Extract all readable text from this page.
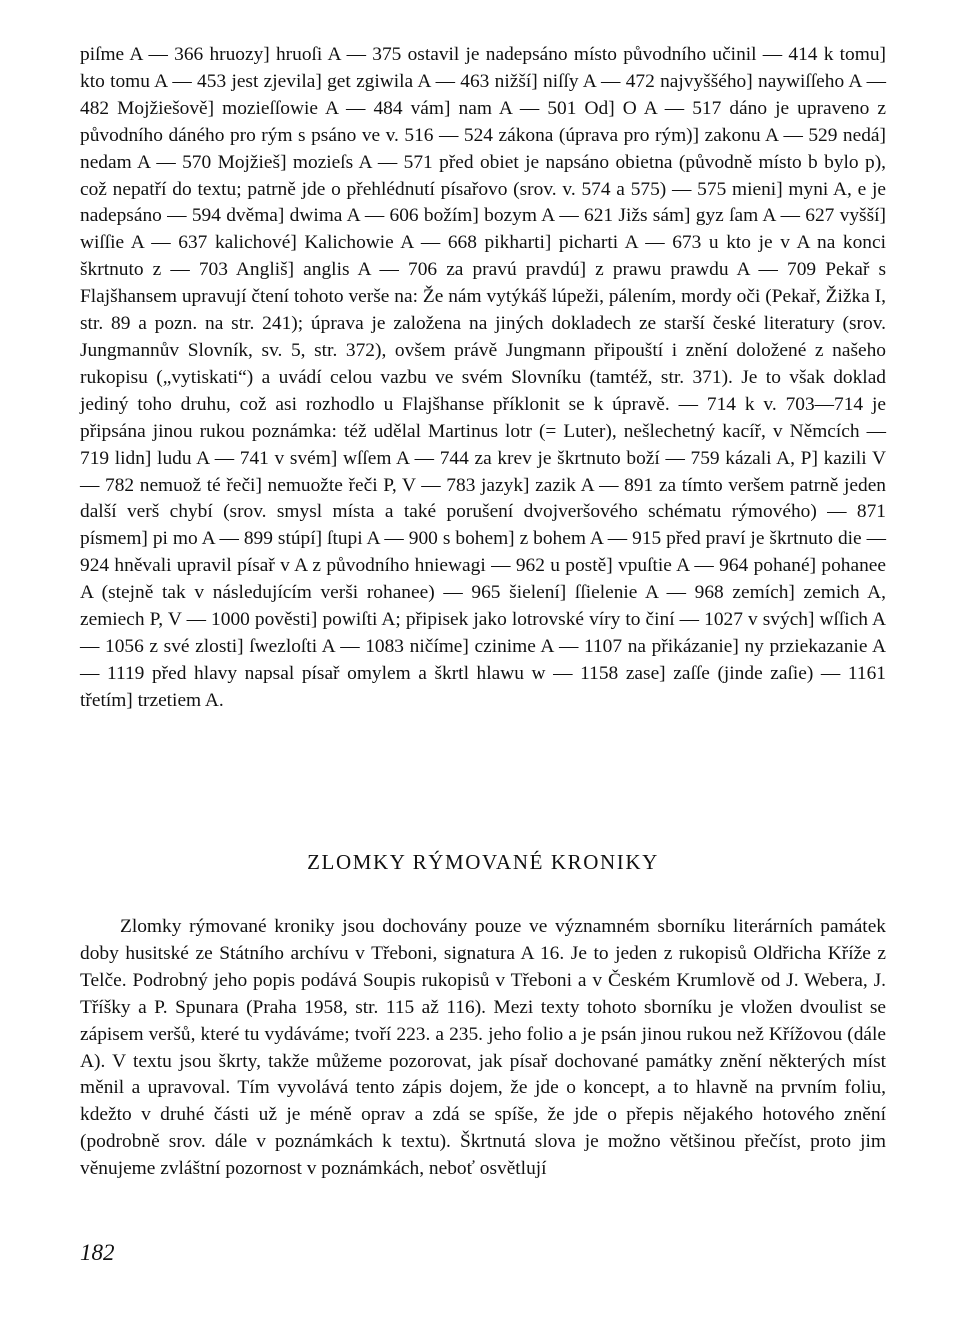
piſme A — 366 hruozy] hruoſi A — 375 ostavil je nadepsáno místo původního učinil — 414 k tomu] kto tomu A — 453 jest zjevila] get zgiwila A — 463 nižší] niſſy A — 472 najvyššého] naywiſſeho A — 482 Mojžiešově] mozieſſowie A — 484 vám] nam A — 501 Od] O A — 517 dáno je upraveno z původního dáného pro rým s psáno ve v. 516 — 524 zákona (úprava pro rým)] zakonu A — 529 nedá] nedam A — 570 Mojžieš] mozieſs A — 571 před obiet je napsáno obietna (původně místo b bylo p), což nepatří do textu; patrně jde o přehlédnutí písařovo (srov. v. 574 a 575) — 575 mieni] myni A, e je nadepsáno — 594 dvěma] dwima A — 606 božím] bozym A — 621 Jižs sám] gyz ſam A — 627 vyšší] wiſſie A — 637 kalichové] Kalichowie A — 668 pikharti] picharti A — 673 u kto je v A na konci škrtnuto z — 703 Angliš] anglis A — 706 za pravú pravdú] z prawu prawdu A — 709 Pekař s Flajšhansem upravují čtení tohoto verše na: Že nám vytýkáš lúpeži, pálením, mordy oči (Pekař, Žižka I, str. 89 a pozn. na str. 241); úprava je založena na jiných dokladech ze starší české literatury (srov. Jungmannův Slovník, sv. 5, str. 372), ovšem právě Jungmann připouští i znění doložené z našeho rukopisu („vytiskati“) a uvádí celou vazbu ve svém Slovníku (tamtéž, str. 371). Je to však doklad jediný toho druhu, což asi rozhodlo u Flajšhanse příklonit se k úpravě. — 714 k v. 703—714 je připsána jinou rukou poznámka: též udělal Martinus lotr (= Luter), nešlechetný kacíř, v Němcích — 719 lidn] ludu A — 741 v svém] wſſem A — 744 za krev je škrtnuto boží — 759 kázali A, P] kazili V — 782 nemuož té řeči] nemuožte řeči P, V — 783 jazyk] zazik A — 891 za tímto veršem patrně jeden další verš chybí (srov. smysl místa a také porušení dvojveršového schématu rýmového) — 871 písmem] pi mo A — 899 stúpí] ſtupi A — 900 s bohem] z bohem A — 915 před praví je škrtnuto die — 924 hněvali upravil písař v A z původního hniewagi — 962 u postě] vpuſtie A — 964 pohané] pohanee A (stejně tak v následujícím verši rohanee) — 965 šielení] ſſielenie A — 968 zemích] zemich A, zemiech P, V — 1000 pověsti] powiſti A; připisek jako lotrovské víry to činí — 1027 v svých] wſſich A — 1056 z své zlosti] ſwezloſti A — 1083 ničíme] czinime A — 1107 na přikázanie] ny prziekazanie A — 1119 před hlavy napsal písař omylem a škrtl hlawu w — 1158 zase] zaſſe (jinde zaſie) — 1161 třetím] trzetiem A.

ZLOMKY RÝMOVANÉ KRONIKY

Zlomky rýmované kroniky jsou dochovány pouze ve významném sborníku literárních památek doby husitské ze Státního archívu v Třeboni, signatura A 16. Je to jeden z rukopisů Oldřicha Kříže z Telče. Podrobný jeho popis podává Soupis rukopisů v Třeboni a v Českém Krumlově od J. Webera, J. Tříšky a P. Spunara (Praha 1958, str. 115 až 116). Mezi texty tohoto sborníku je vložen dvoulist se zápisem veršů, které tu vydáváme; tvoří 223. a 235. jeho folio a je psán jinou rukou než Křížovou (dále A). V textu jsou škrty, takže můžeme pozorovat, jak písař dochované památky znění některých míst měnil a upravoval. Tím vyvolává tento zápis dojem, že jde o koncept, a to hlavně na prvním foliu, kdežto v druhé části už je méně oprav a zdá se spíše, že jde o přepis nějakého hotového znění (podrobně srov. dále v poznámkách k textu). Škrtnutá slova je možno většinou přečíst, proto jim věnujeme zvláštní pozornost v poznámkách, neboť osvětlují

182
